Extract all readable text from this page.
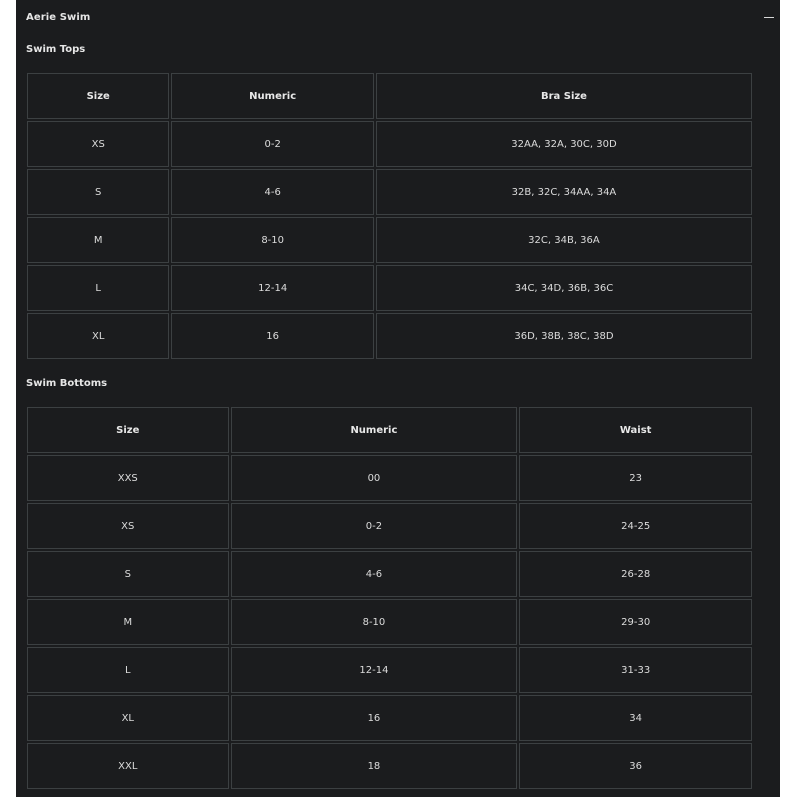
Aerie Swim
Swim Tops
Size	Numeric	Bra Size
XS	0-2	32AA, 32A, 30C, 30D
S	4-6	32B, 32C, 34AA, 34A
M	8-10	32C, 34B, 36A
L	12-14	34C, 34D, 36B, 36C
XL	16	36D, 38B, 38C, 38D
Swim Bottoms
Size	Numeric	Waist
XXS	00	23
XS	0-2	24-25
S	4-6	26-28
M	8-10	29-30
L	12-14	31-33
XL	16	34
XXL	18	36
